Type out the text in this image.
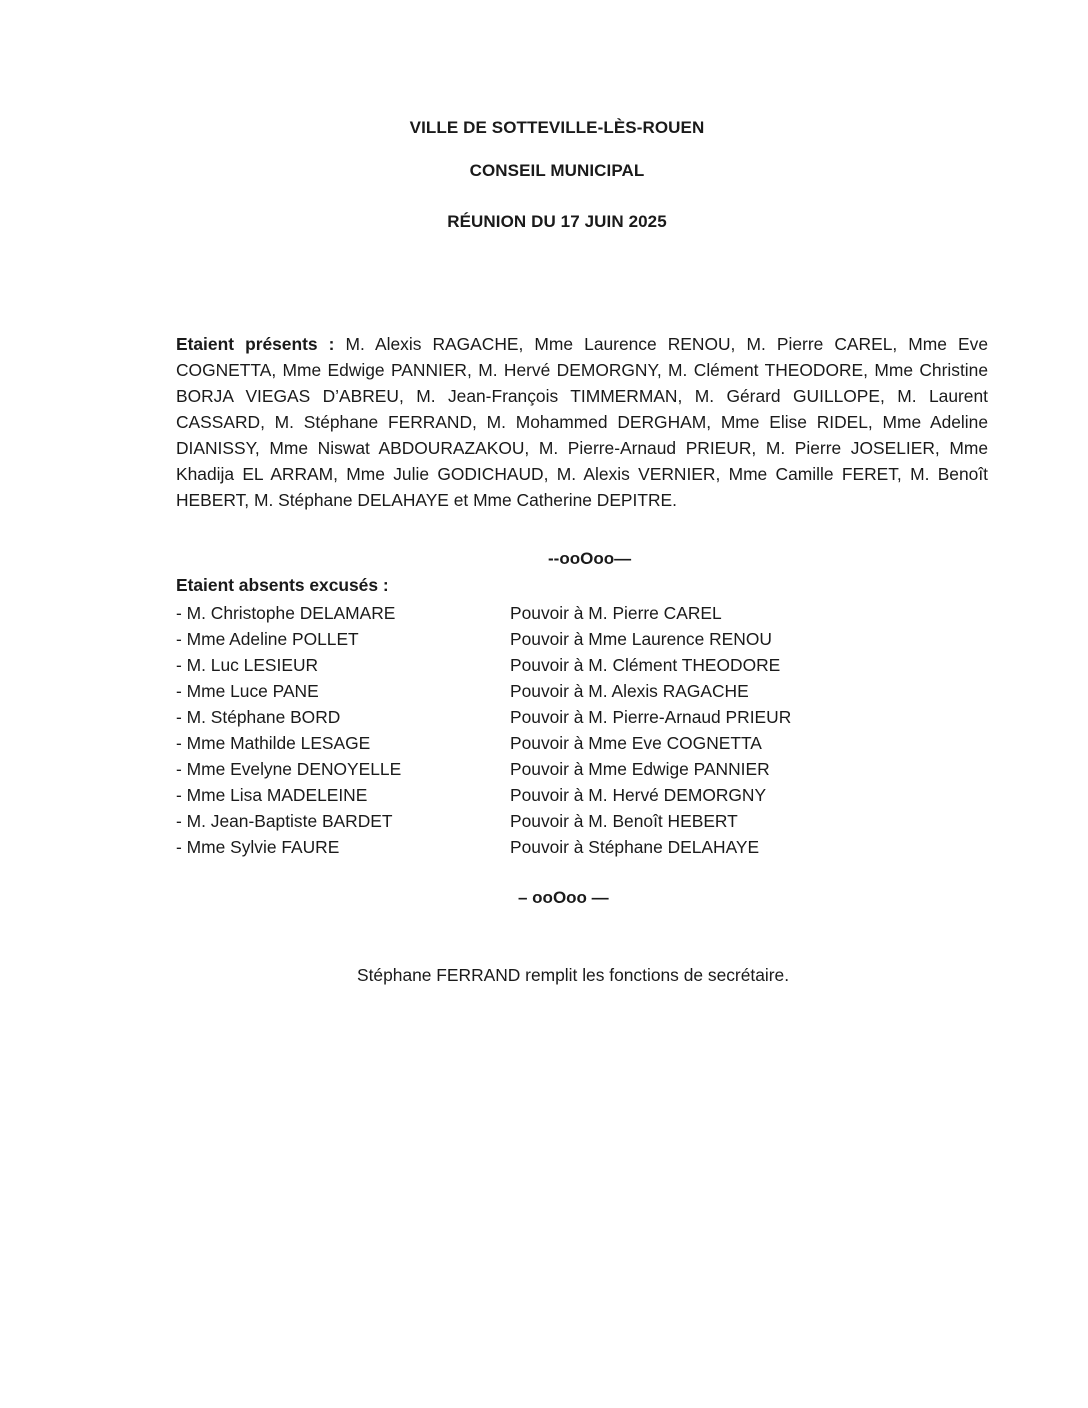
VILLE DE SOTTEVILLE-LÈS-ROUEN
CONSEIL MUNICIPAL
RÉUNION DU 17 JUIN 2025

Etaient présents : M. Alexis RAGACHE, Mme Laurence RENOU, M. Pierre CAREL, Mme Eve COGNETTA, Mme Edwige PANNIER, M. Hervé DEMORGNY, M. Clément THEODORE, Mme Christine BORJA VIEGAS D’ABREU, M. Jean-François TIMMERMAN, M. Gérard GUILLOPE, M. Laurent CASSARD, M. Stéphane FERRAND, M. Mohammed DERGHAM, Mme Elise RIDEL, Mme Adeline DIANISSY, Mme Niswat ABDOURAZAKOU, M. Pierre-Arnaud PRIEUR, M. Pierre JOSELIER, Mme Khadija EL ARRAM, Mme Julie GODICHAUD, M. Alexis VERNIER, Mme Camille FERET, M. Benoît HEBERT, M. Stéphane DELAHAYE et Mme Catherine DEPITRE.

--ooOoo—
Etaient absents excusés :
- M. Christophe DELAMARE	Pouvoir à M. Pierre CAREL
- Mme Adeline POLLET	Pouvoir à Mme Laurence RENOU
- M. Luc LESIEUR	Pouvoir à M. Clément THEODORE
- Mme Luce PANE	Pouvoir à M. Alexis RAGACHE
- M. Stéphane BORD	Pouvoir à M. Pierre-Arnaud PRIEUR
- Mme Mathilde LESAGE	Pouvoir à Mme Eve COGNETTA
- Mme Evelyne DENOYELLE	Pouvoir à Mme Edwige PANNIER
- Mme Lisa MADELEINE	Pouvoir à M. Hervé DEMORGNY
- M. Jean-Baptiste BARDET	Pouvoir à M. Benoît HEBERT
- Mme Sylvie FAURE	Pouvoir à Stéphane DELAHAYE
– ooOoo —
Stéphane FERRAND remplit les fonctions de secrétaire.
